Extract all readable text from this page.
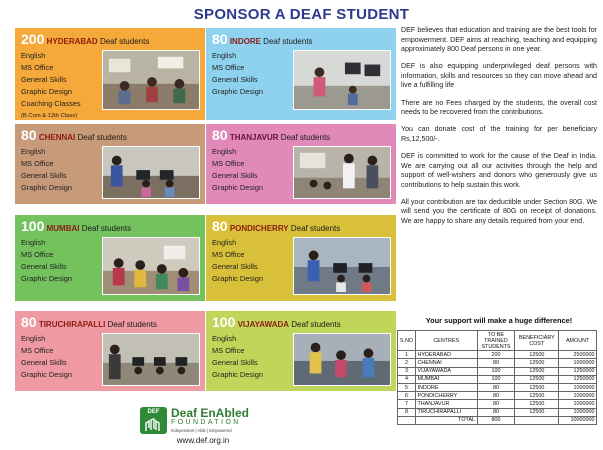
SPONSOR A DEAF STUDENT
200 HYDERABAD Deaf students
English
MS Office
General Skills
Graphic Design
Coaching Classes
(B.Com & 12th Class)
80 INDORE Deaf students
English
MS Office
General Skills
Graphic Design
80 CHENNAI Deaf students
English
MS Office
General Skills
Graphic Design
80 THANJAVUR Deaf students
English
MS Office
General Skills
Graphic Design
100 MUMBAI Deaf students
English
MS Office
General Skills
Graphic Design
80 PONDICHERRY Deaf students
English
MS Office
General Skills
Graphic Design
80 TIRUCHIRAPALLI Deaf students
English
MS Office
General Skills
Graphic Design
100 VIJAYAWADA Deaf students
English
MS Office
General Skills
Graphic Design

DEF believes that education and training are the best tools for empowerment. DEF aims at reaching, teaching and equipping approximately 800 Deaf persons in one year.

DEF is also equipping underprivileged deaf persons with information, skills and resources so they can move ahead and live a fulfilling life

There are no Fees charged by the students, the overall cost needs to be recovered from the contributions.

You can donate cost of the training for per beneficiary Rs,12,500/-.

DEF is committed to work for the cause of the Deaf in India. We are carrying out all our activities through the help and support of well-wishers and donors who generously give us contributions to help sustain this work.

All your contribution are tax deductible under Section 80G. We will send you the certificate of 80G on receipt of donations. We are happy to share any details required from your end.

Your support will make a huge difference!
S.NO	CENTRES	TO BE TRAINED STUDENTS	BENEFICIARY COST	AMOUNT
1	HYDERABAD	200	12500	2500000
2	CHENNAI	80	12500	1000000
3	VIJAYAWADA	100	12500	1250000
4	MUMBAI	100	12500	1250000
5	INDORE	80	12500	1000000
6	PONDICHERRY	80	12500	1000000
7	THANJAVUR	80	12500	1000000
8	TIRUCHIRAPALLI	80	12500	1000000
	TOTAL	800		10000000
DEF Deaf EnAbled
FOUNDATION
Independent | Able | Empowered
www.def.org.in
